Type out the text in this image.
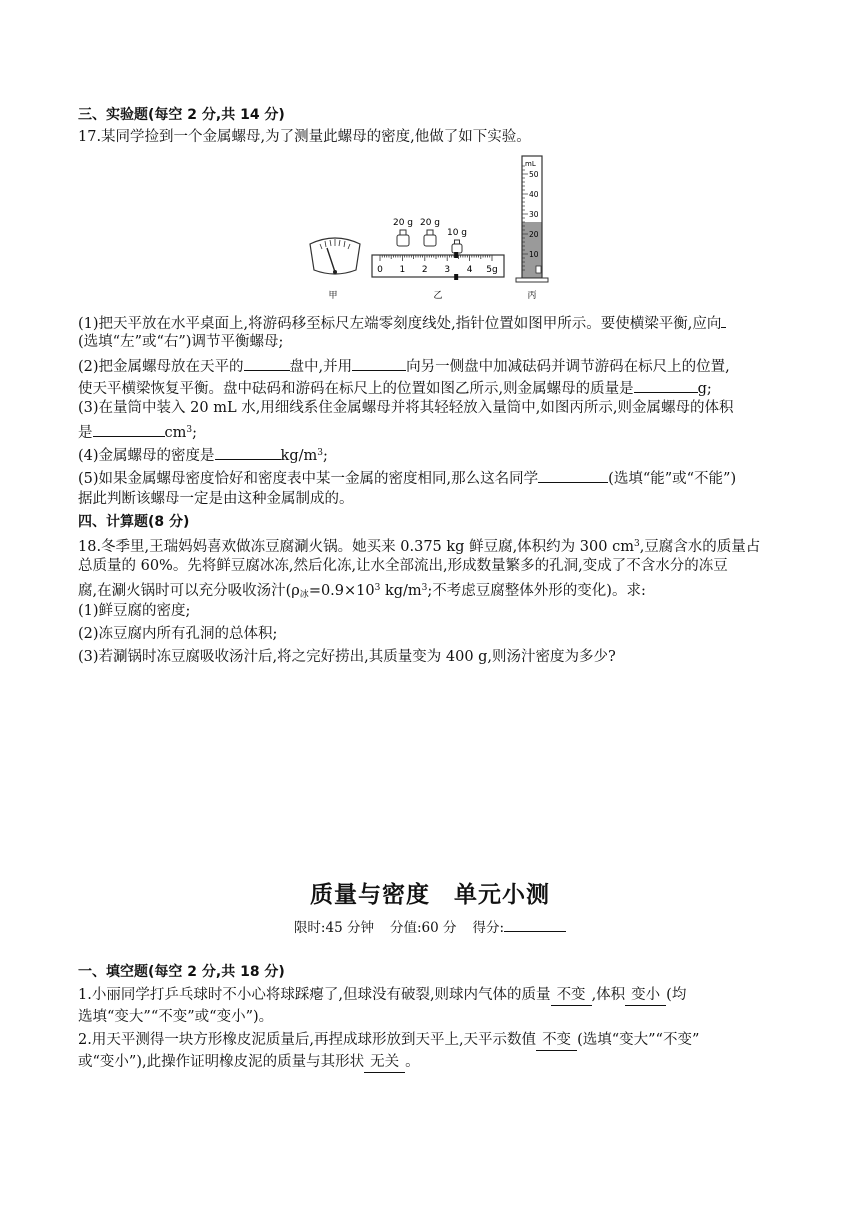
三、实验题(每空 2 分,共 14 分)
17.某同学捡到一个金属螺母,为了测量此螺母的密度,他做了如下实验。
甲
20 g 20 g
10 g
0 1 2 3 4 5g
乙
mL
50
40
30
20
10
丙
(1)把天平放在水平桌面上,将游码移至标尺左端零刻度线处,指针位置如图甲所示。要使横梁平衡,应向
(选填“左”或“右”)调节平衡螺母;
(2)把金属螺母放在天平的	盘中,并用	向另一侧盘中加减砝码并调节游码在标尺上的位置,
使天平横梁恢复平衡。盘中砝码和游码在标尺上的位置如图乙所示,则金属螺母的质量是	g;
(3)在量筒中装入 20 mL 水,用细线系住金属螺母并将其轻轻放入量筒中,如图丙所示,则金属螺母的体积
是	$cm^3$;
(4)金属螺母的密度是	$kg/m^3$;
(5)如果金属螺母密度恰好和密度表中某一金属的密度相同,那么这名同学	(选填“能”或“不能”)
据此判断该螺母一定是由这种金属制成的。
四、计算题(8 分)
18.冬季里,王瑞妈妈喜欢做冻豆腐涮火锅。她买来 0.375 kg 鲜豆腐,体积约为 300 $cm^3$,豆腐含水的质量占
总质量的 60%。先将鲜豆腐冰冻,然后化冻,让水全部流出,形成数量繁多的孔洞,变成了不含水分的冻豆
腐,在涮火锅时可以充分吸收汤汁($\rho_冰=0.9\times 10^3$ $kg/m^3$;不考虑豆腐整体外形的变化)。求:
(1)鲜豆腐的密度;
(2)冻豆腐内所有孔洞的总体积;
(3)若涮锅时冻豆腐吸收汤汁后,将之完好捞出,其质量变为 400 g,则汤汁密度为多少?
质量与密度　单元小测
限时:45 分钟 分值:60 分 得分:
一、填空题(每空 2 分,共 18 分)
1.小丽同学打乒乓球时不小心将球踩瘪了,但球没有破裂,则球内气体的质量 不变 ,体积 变小 (均
选填“变大”“不变”或“变小”)。
2.用天平测得一块方形橡皮泥质量后,再捏成球形放到天平上,天平示数值 不变 (选填“变大”“不变”
或“变小”),此操作证明橡皮泥的质量与其形状 无关 。
